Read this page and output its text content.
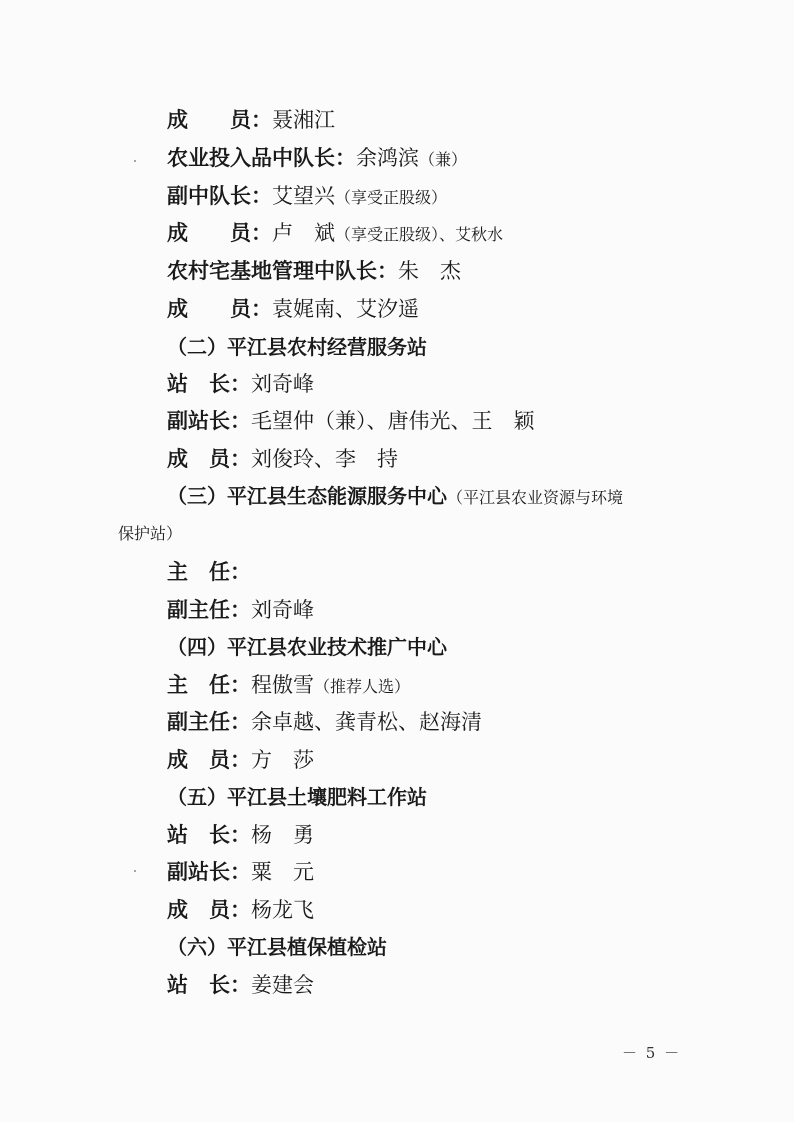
成　　员：聂湘江
农业投入品中队长：余鸿滨（兼）
副中队长：艾望兴（享受正股级）
成　　员：卢　斌（享受正股级）、艾秋水
农村宅基地管理中队长：朱　杰
成　　员：袁娓南、艾汐遥
（二）平江县农村经营服务站
站　长：刘奇峰
副站长：毛望仲（兼）、唐伟光、王　颖
成　员：刘俊玲、李　持
（三）平江县生态能源服务中心（平江县农业资源与环境
保护站）
主　任：
副主任：刘奇峰
（四）平江县农业技术推广中心
主　任：程傲雪（推荐人选）
副主任：余卓越、龚青松、赵海清
成　员：方　莎
（五）平江县土壤肥料工作站
站　长：杨　勇
副站长：粟　元
成　员：杨龙飞
（六）平江县植保植检站
站　长：姜建会
－ 5 －
